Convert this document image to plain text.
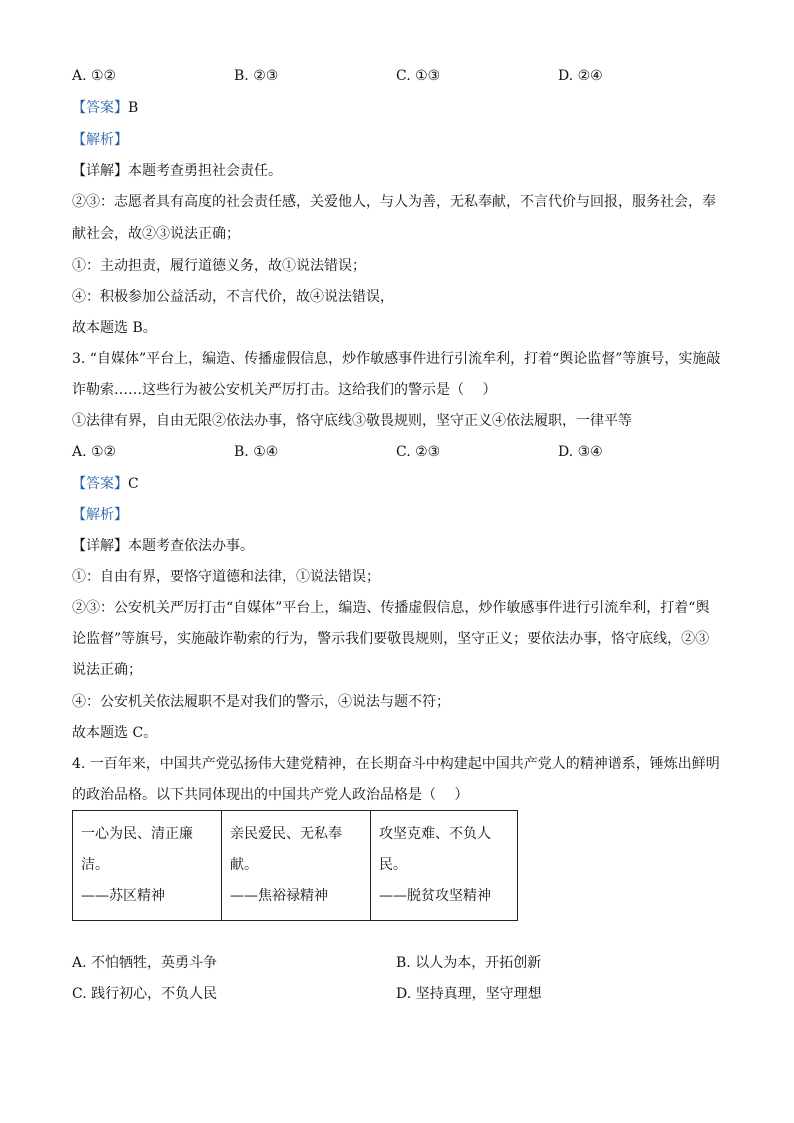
A. ①②	B. ②③	C. ①③	D. ②④
【答案】B
【解析】
【详解】本题考查勇担社会责任。
②③：志愿者具有高度的社会责任感，关爱他人，与人为善，无私奉献，不言代价与回报，服务社会，奉
献社会，故②③说法正确；
①：主动担责，履行道德义务，故①说法错误；
④：积极参加公益活动，不言代价，故④说法错误，
故本题选 B。
3. “自媒体”平台上，编造、传播虚假信息，炒作敏感事件进行引流牟利，打着“舆论监督”等旗号，实施敲
诈勒索……这些行为被公安机关严厉打击。这给我们的警示是（　 ）
①法律有界，自由无限②依法办事，恪守底线③敬畏规则，坚守正义④依法履职，一律平等
A. ①②	B. ①④	C. ②③	D. ③④
【答案】C
【解析】
【详解】本题考查依法办事。
①：自由有界，要恪守道德和法律，①说法错误；
②③：公安机关严厉打击“自媒体”平台上，编造、传播虚假信息，炒作敏感事件进行引流牟利，打着“舆
论监督”等旗号，实施敲诈勒索的行为，警示我们要敬畏规则，坚守正义；要依法办事，恪守底线，②③
说法正确；
④：公安机关依法履职不是对我们的警示，④说法与题不符；
故本题选 C。
4. 一百年来，中国共产党弘扬伟大建党精神，在长期奋斗中构建起中国共产党人的精神谱系，锤炼出鲜明
的政治品格。以下共同体现出的中国共产党人政治品格是（　 ）
一心为民、清正廉
洁。
——苏区精神

亲民爱民、无私奉
献。
——焦裕禄精神

攻坚克难、不负人
民。
——脱贫攻坚精神
A. 不怕牺牲，英勇斗争	B. 以人为本，开拓创新
C. 践行初心，不负人民	D. 坚持真理，坚守理想
